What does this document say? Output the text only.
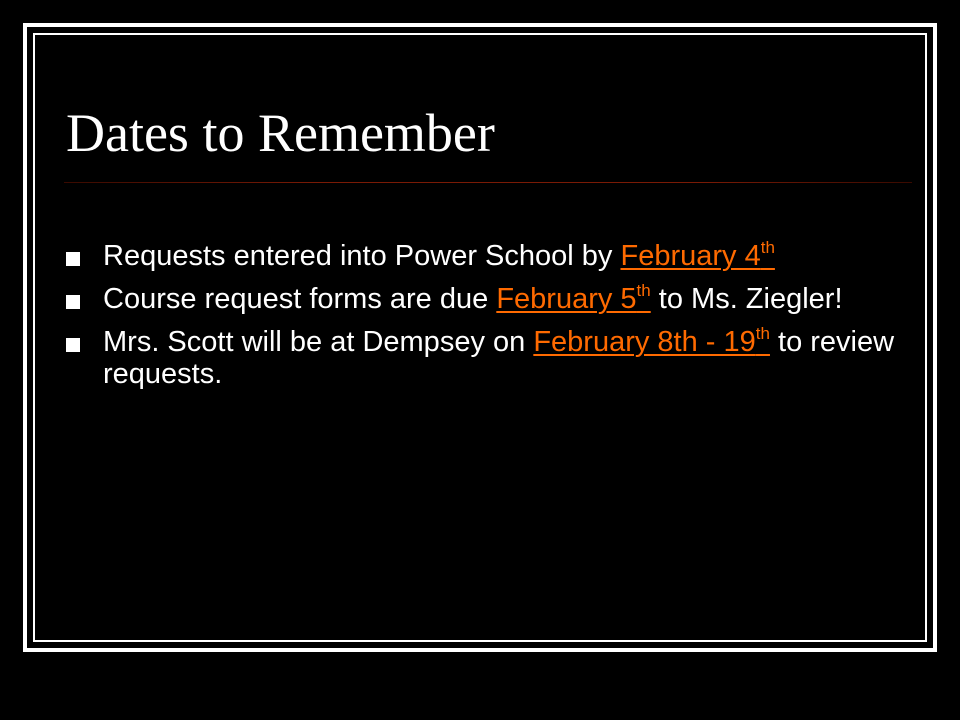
Dates to Remember
Requests entered into Power School by February 4th
Course request forms are due February 5th to Ms. Ziegler!
Mrs. Scott will be at Dempsey on February 8th - 19th to review requests.
